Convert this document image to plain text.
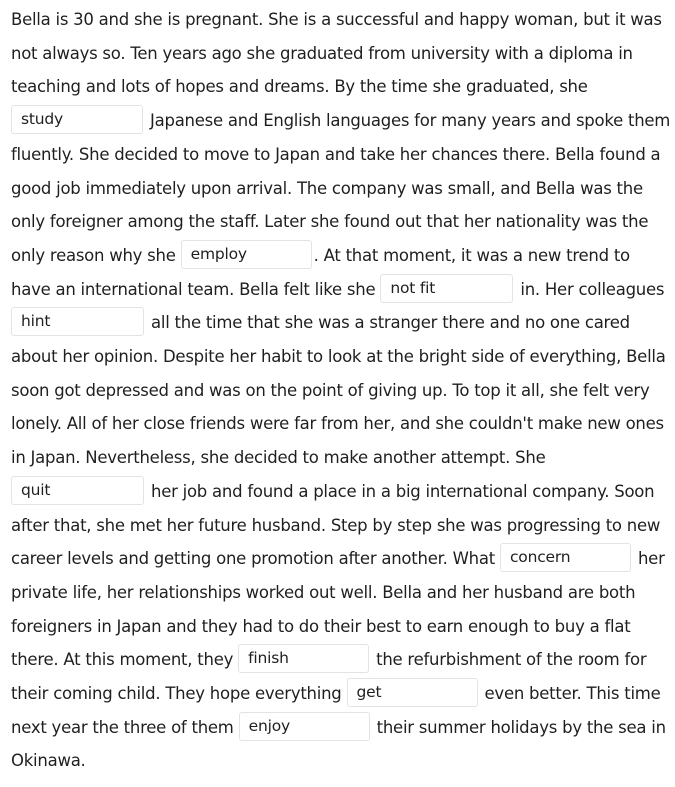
Bella is 30 and she is pregnant. She is a successful and happy woman, but it was not always so. Ten years ago she graduated from university with a diploma in teaching and lots of hopes and dreams. By the time she graduated, she study Japanese and English languages for many years and spoke them fluently. She decided to move to Japan and take her chances there. Bella found a good job immediately upon arrival. The company was small, and Bella was the only foreigner among the staff. Later she found out that her nationality was the only reason why she employ	. At that moment, it was a new trend to have an international team. Bella felt like she not fit	in. Her colleagues hint all the time that she was a stranger there and no one cared about her opinion. Despite her habit to look at the bright side of everything, Bella soon got depressed and was on the point of giving up. To top it all, she felt very lonely. All of her close friends were far from her, and she couldn't make new ones in Japan. Nevertheless, she decided to make another attempt. She quit her job and found a place in a big international company. Soon after that, she met her future husband. Step by step she was progressing to new career levels and getting one promotion after another. What concern	her private life, her relationships worked out well. Bella and her husband are both foreigners in Japan and they had to do their best to earn enough to buy a flat there. At this moment, they finish	the refurbishment of the room for their coming child. They hope everything get	even better. This time next year the three of them enjoy	their summer holidays by the sea in Okinawa.
